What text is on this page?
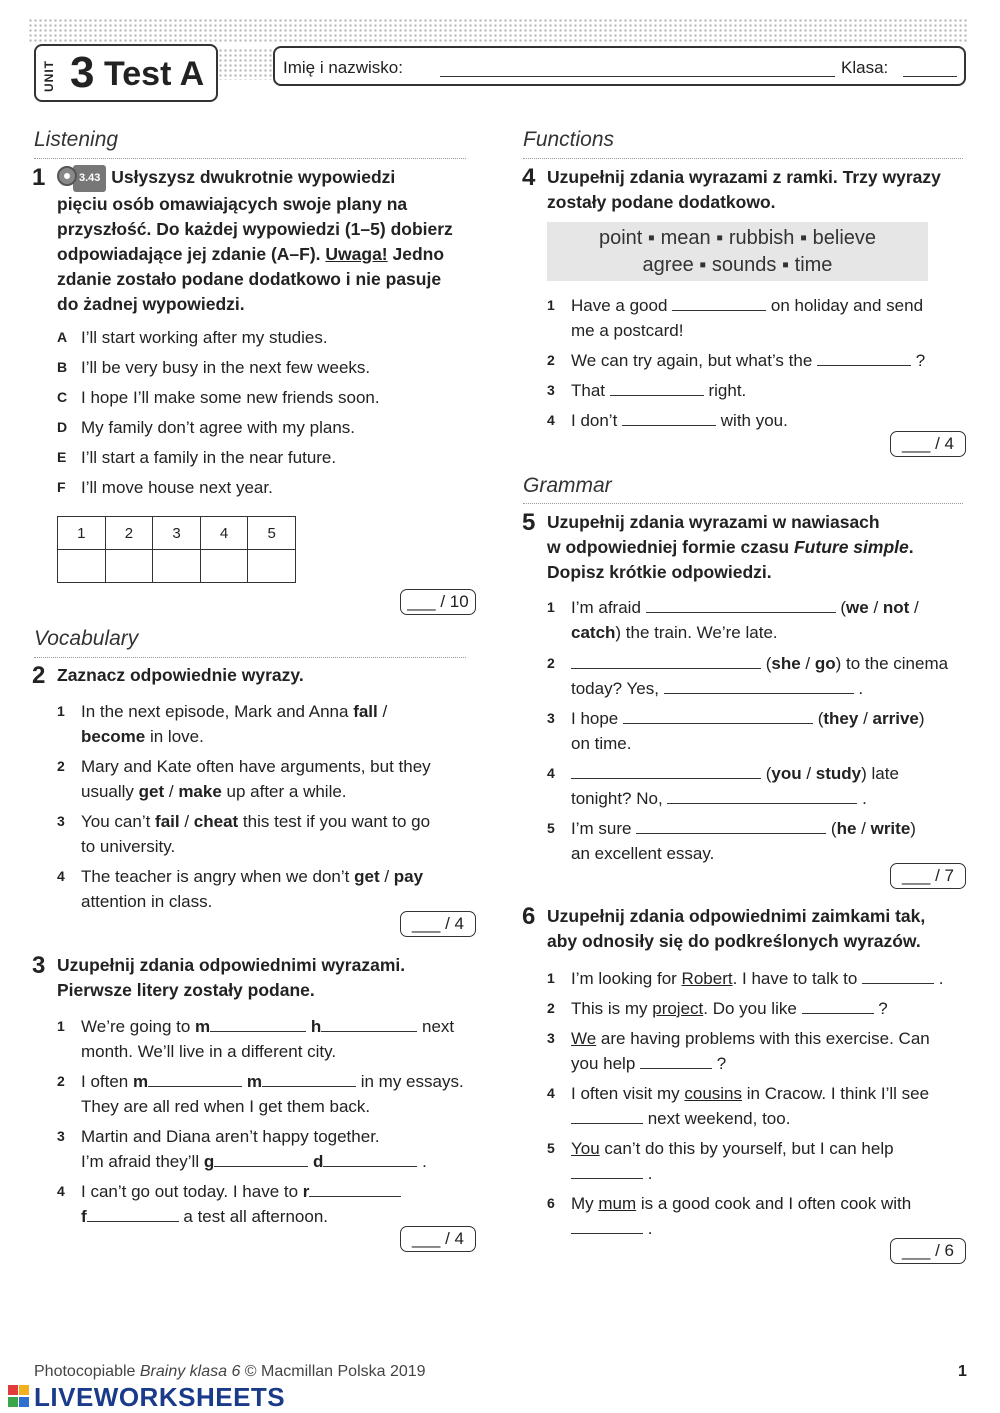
UNIT 3 Test A	Imię i nazwisko:	Klasa:
Listening
1	3.43 Usłyszysz dwukrotnie wypowiedzi
pięciu osób omawiających swoje plany na
przyszłość. Do każdej wypowiedzi (1–5) dobierz
odpowiadające jej zdanie (A–F). Uwaga! Jedno
zdanie zostało podane dodatkowo i nie pasuje
do żadnej wypowiedzi.
A I’ll start working after my studies.
B I’ll be very busy in the next few weeks.
C I hope I’ll make some new friends soon.
D My family don’t agree with my plans.
E I’ll start a family in the near future.
F I’ll move house next year.
1	2	3	4	5

___ / 10
Vocabulary
2 Zaznacz odpowiednie wyrazy.
1 In the next episode, Mark and Anna fall /
become in love.
2 Mary and Kate often have arguments, but they
usually get / make up after a while.
3 You can’t fail / cheat this test if you want to go
to university.
4 The teacher is angry when we don’t get / pay
attention in class.
___ / 4
3 Uzupełnij zdania odpowiednimi wyrazami.
Pierwsze litery zostały podane.
1 We’re going to m	h	next
month. We’ll live in a different city.
2 I often m	m	in my essays.
They are all red when I get them back.
3 Martin and Diana aren’t happy together.
I’m afraid they’ll g	d	.
4 I can’t go out today. I have to r
f	a test all afternoon.
___ / 4
Functions
4 Uzupełnij zdania wyrazami z ramki. Trzy wyrazy
zostały podane dodatkowo.
point ▪ mean ▪ rubbish ▪ believe
agree ▪ sounds ▪ time
1 Have a good	on holiday and send
me a postcard!
2 We can try again, but what’s the	?
3 That	right.
4 I don’t	with you.
___ / 4
Grammar
5 Uzupełnij zdania wyrazami w nawiasach
w odpowiedniej formie czasu Future simple.
Dopisz krótkie odpowiedzi.
1 I’m afraid	(we / not /
catch) the train. We’re late.
2	(she / go) to the cinema
today? Yes,	.
3 I hope	(they / arrive)
on time.
4	(you / study) late
tonight? No,	.
5 I’m sure	(he / write)
an excellent essay.
___ / 7
6 Uzupełnij zdania odpowiednimi zaimkami tak,
aby odnosiły się do podkreślonych wyrazów.
1 I’m looking for Robert. I have to talk to	.
2 This is my project. Do you like	?
3 We are having problems with this exercise. Can
you help	?
4 I often visit my cousins in Cracow. I think I’ll see
next weekend, too.
5 You can’t do this by yourself, but I can help
.
6 My mum is a good cook and I often cook with
.
___ / 6
Photocopiable Brainy klasa 6 © Macmillan Polska 2019	1
LIVEWORKSHEETS
